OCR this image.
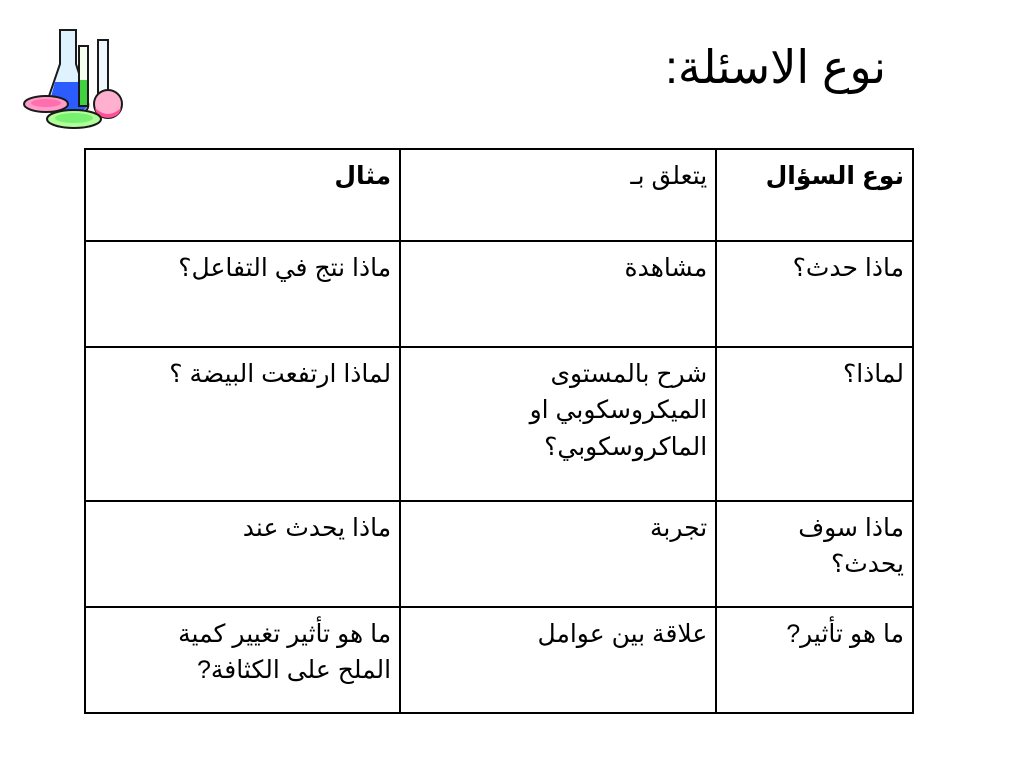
نوع الاسئلة:
نوع السؤال	يتعلق بـ	مثال
ماذا حدث؟	مشاهدة	ماذا نتج في التفاعل؟
لماذا؟	شرح بالمستوى
الميكروسكوبي او
الماكروسكوبي؟	لماذا ارتفعت البيضة ؟
ماذا سوف يحدث؟	تجربة	ماذا يحدث عند
ما هو تأثير?	علاقة بين عوامل	ما هو تأثير تغيير كمية
الملح على الكثافة?
